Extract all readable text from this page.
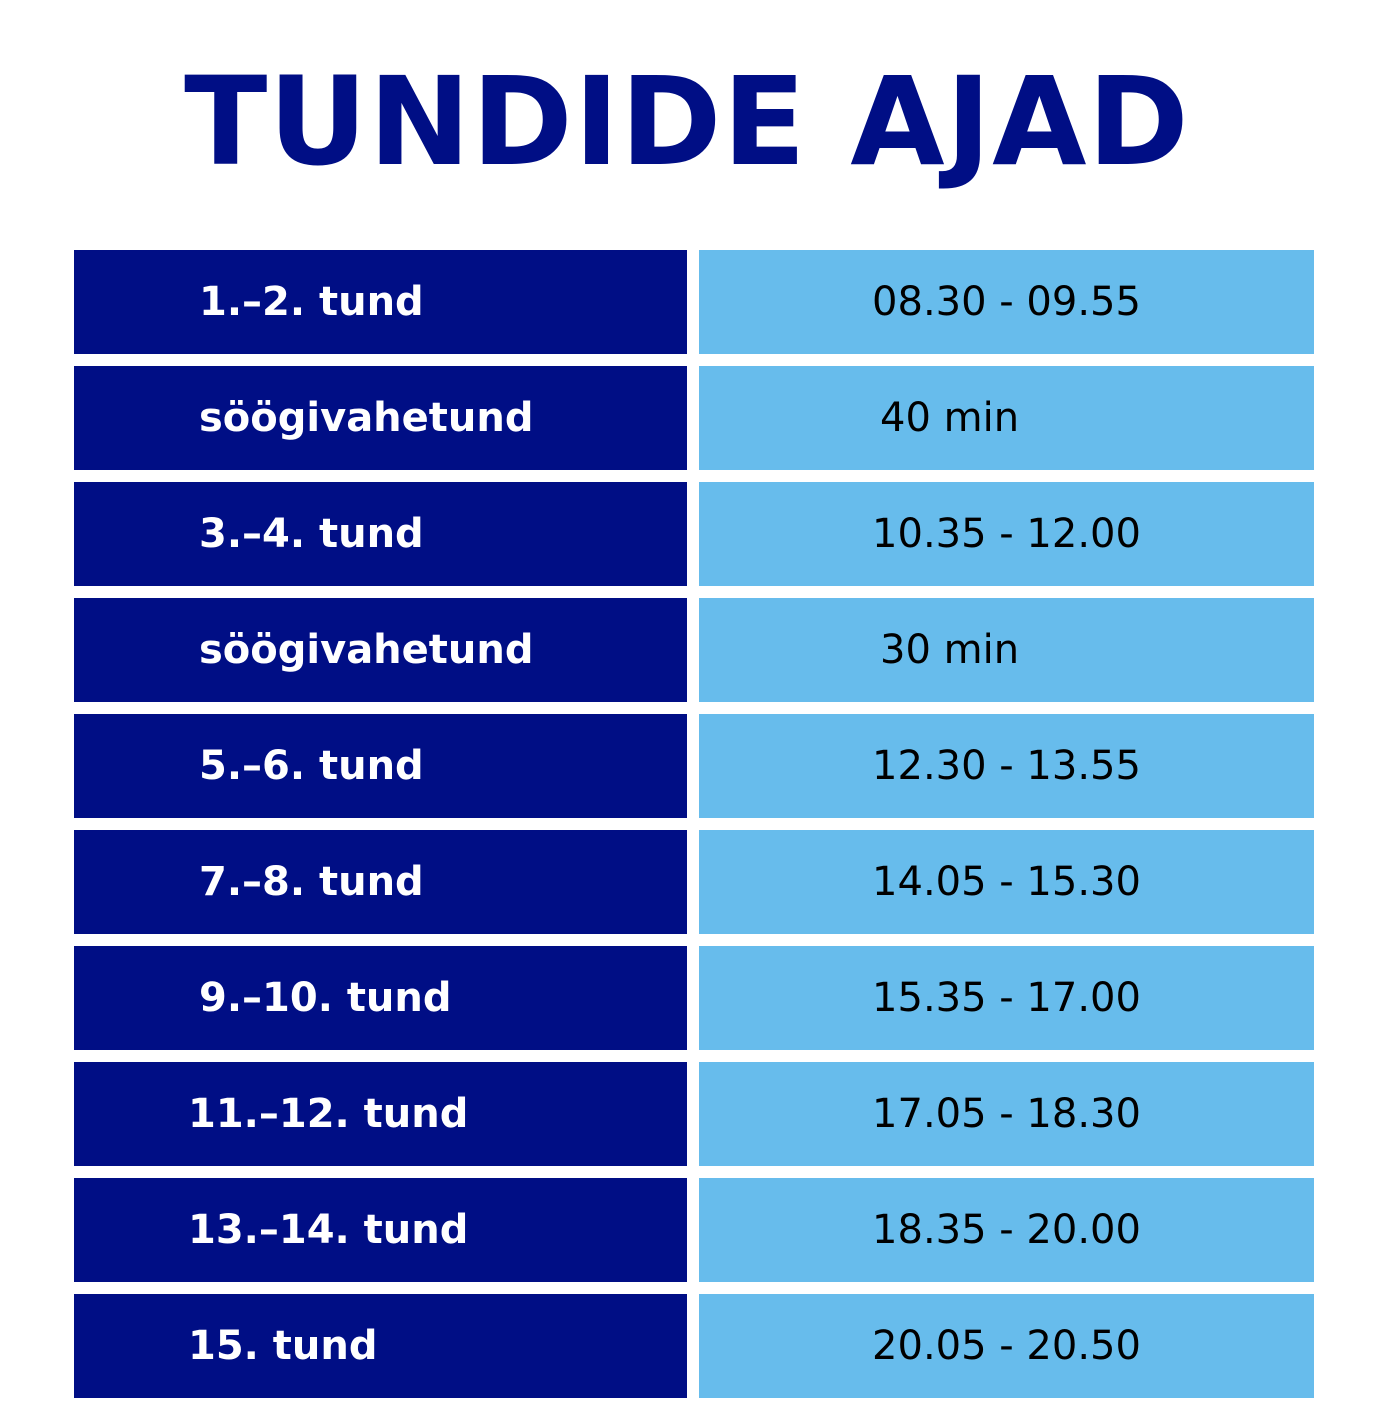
TUNDIDE AJAD
1.–2. tund	08.30 - 09.55
söögivahetund	40 min
3.–4. tund	10.35 - 12.00
söögivahetund	30 min
5.–6. tund	12.30 - 13.55
7.–8. tund	14.05 - 15.30
9.–10. tund	15.35 - 17.00
11.–12. tund	17.05 - 18.30
13.–14. tund	18.35 - 20.00
15. tund	20.05 - 20.50
